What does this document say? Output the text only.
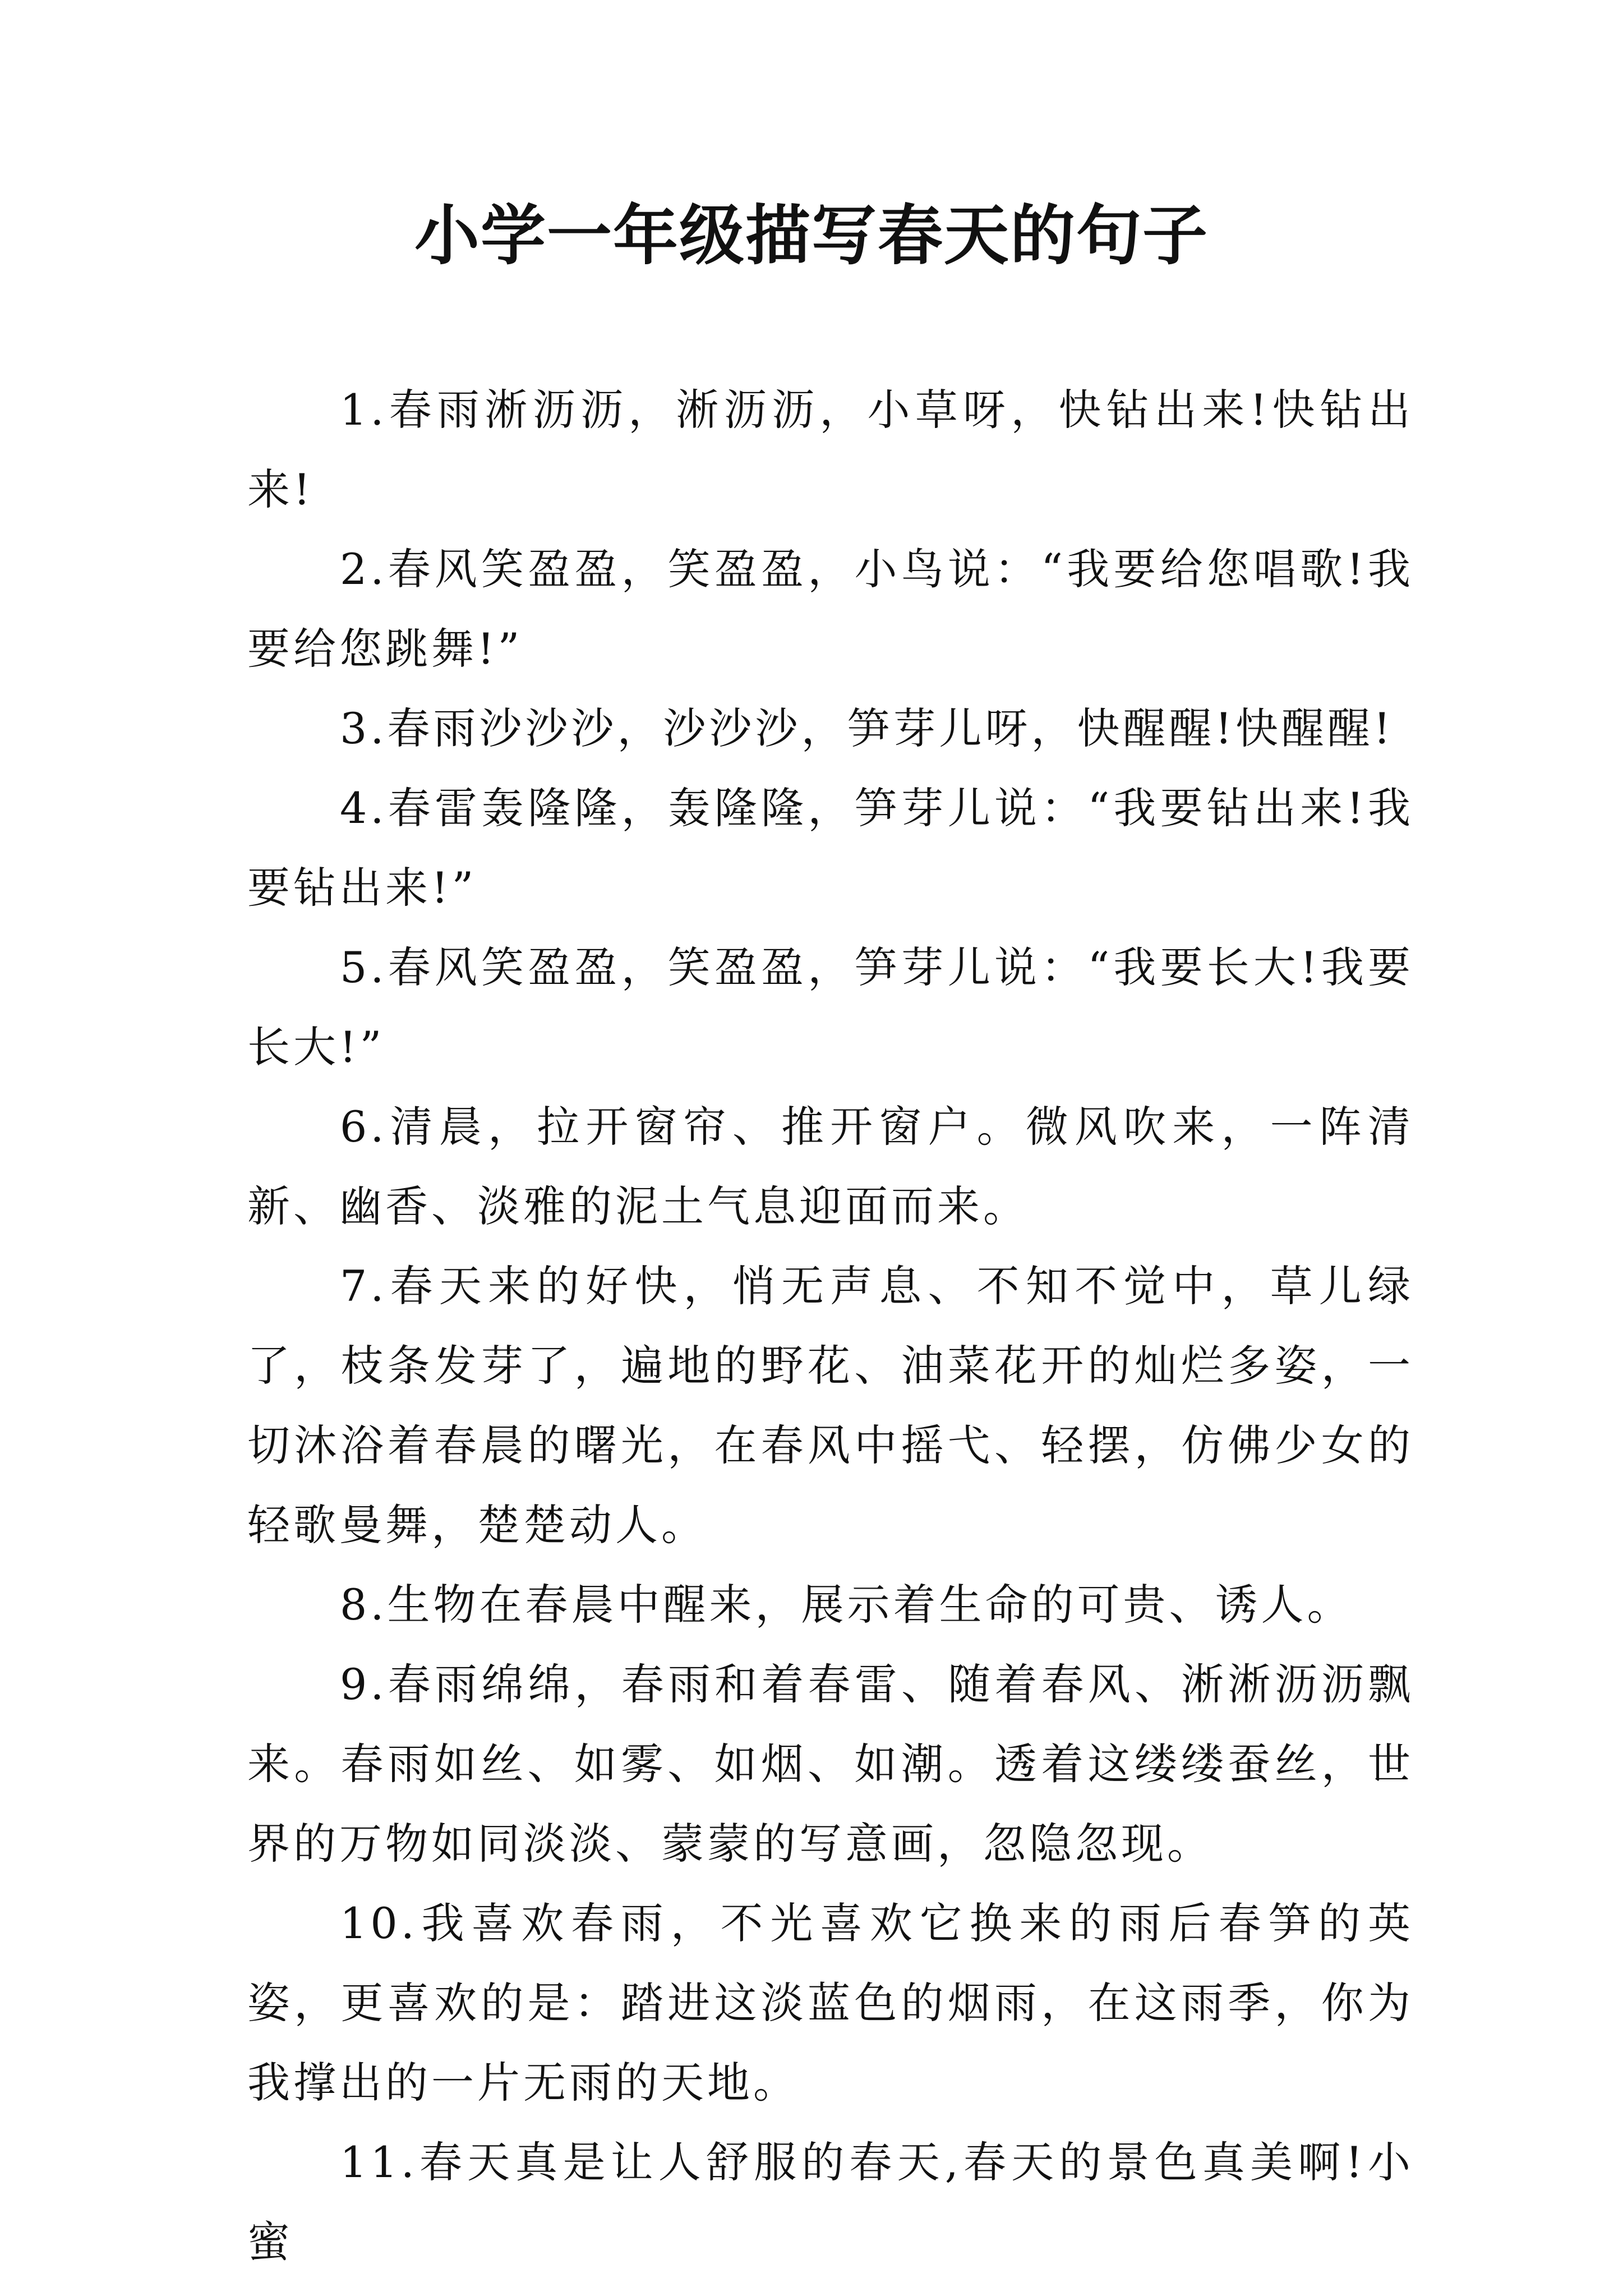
小学一年级描写春天的句子

1.春雨淅沥沥，淅沥沥，小草呀，快钻出来!快钻出来!

2.春风笑盈盈，笑盈盈，小鸟说：“我要给您唱歌!我要给您跳舞!”

3.春雨沙沙沙，沙沙沙，笋芽儿呀，快醒醒!快醒醒!

4.春雷轰隆隆，轰隆隆，笋芽儿说：“我要钻出来!我要钻出来!”

5.春风笑盈盈，笑盈盈，笋芽儿说：“我要长大!我要长大!”

6.清晨，拉开窗帘、推开窗户。微风吹来，一阵清新、幽香、淡雅的泥土气息迎面而来。

7.春天来的好快，悄无声息、不知不觉中，草儿绿了，枝条发芽了，遍地的野花、油菜花开的灿烂多姿，一切沐浴着春晨的曙光，在春风中摇弋、轻摆，仿佛少女的轻歌曼舞，楚楚动人。

8.生物在春晨中醒来，展示着生命的可贵、诱人。

9.春雨绵绵，春雨和着春雷、随着春风、淅淅沥沥飘来。春雨如丝、如雾、如烟、如潮。透着这缕缕蚕丝，世界的万物如同淡淡、蒙蒙的写意画，忽隐忽现。

10.我喜欢春雨，不光喜欢它换来的雨后春笋的英姿，更喜欢的是：踏进这淡蓝色的烟雨，在这雨季，你为我撑出的一片无雨的天地。

11.春天真是让人舒服的春天,春天的景色真美啊!小蜜
